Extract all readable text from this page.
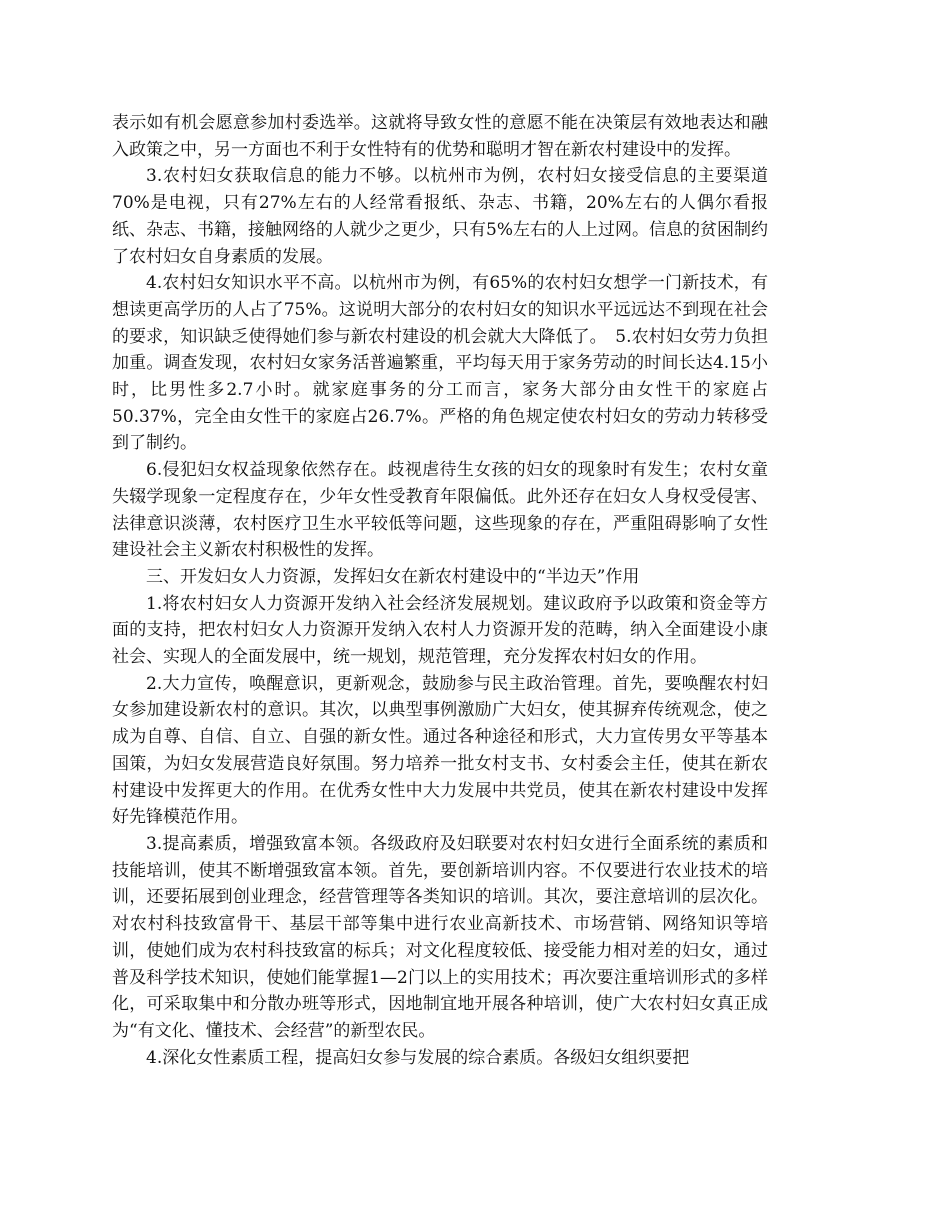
表示如有机会愿意参加村委选举。这就将导致女性的意愿不能在决策层有效地表达和融入政策之中，另一方面也不利于女性特有的优势和聪明才智在新农村建设中的发挥。

3.农村妇女获取信息的能力不够。以杭州市为例，农村妇女接受信息的主要渠道70%是电视，只有27%左右的人经常看报纸、杂志、书籍，20%左右的人偶尔看报纸、杂志、书籍，接触网络的人就少之更少，只有5%左右的人上过网。信息的贫困制约了农村妇女自身素质的发展。

4.农村妇女知识水平不高。以杭州市为例，有65%的农村妇女想学一门新技术，有想读更高学历的人占了75%。这说明大部分的农村妇女的知识水平远远达不到现在社会的要求，知识缺乏使得她们参与新农村建设的机会就大大降低了。　5.农村妇女劳力负担加重。调查发现，农村妇女家务活普遍繁重，平均每天用于家务劳动的时间长达4.15小时，比男性多2.7小时。就家庭事务的分工而言，家务大部分由女性干的家庭占50.37%，完全由女性干的家庭占26.7%。严格的角色规定使农村妇女的劳动力转移受到了制约。

6.侵犯妇女权益现象依然存在。歧视虐待生女孩的妇女的现象时有发生；农村女童失辍学现象一定程度存在，少年女性受教育年限偏低。此外还存在妇女人身权受侵害、法律意识淡薄，农村医疗卫生水平较低等问题，这些现象的存在，严重阻碍影响了女性建设社会主义新农村积极性的发挥。

三、开发妇女人力资源，发挥妇女在新农村建设中的“半边天”作用

1.将农村妇女人力资源开发纳入社会经济发展规划。建议政府予以政策和资金等方面的支持，把农村妇女人力资源开发纳入农村人力资源开发的范畴，纳入全面建设小康社会、实现人的全面发展中，统一规划，规范管理，充分发挥农村妇女的作用。

2.大力宣传，唤醒意识，更新观念，鼓励参与民主政治管理。首先，要唤醒农村妇女参加建设新农村的意识。其次，以典型事例激励广大妇女，使其摒弃传统观念，使之成为自尊、自信、自立、自强的新女性。通过各种途径和形式，大力宣传男女平等基本国策，为妇女发展营造良好氛围。努力培养一批女村支书、女村委会主任，使其在新农村建设中发挥更大的作用。在优秀女性中大力发展中共党员，使其在新农村建设中发挥好先锋模范作用。

3.提高素质，增强致富本领。各级政府及妇联要对农村妇女进行全面系统的素质和技能培训，使其不断增强致富本领。首先，要创新培训内容。不仅要进行农业技术的培训，还要拓展到创业理念，经营管理等各类知识的培训。其次，要注意培训的层次化。对农村科技致富骨干、基层干部等集中进行农业高新技术、市场营销、网络知识等培训，使她们成为农村科技致富的标兵；对文化程度较低、接受能力相对差的妇女，通过普及科学技术知识，使她们能掌握1—2门以上的实用技术；再次要注重培训形式的多样化，可采取集中和分散办班等形式，因地制宜地开展各种培训，使广大农村妇女真正成为“有文化、懂技术、会经营”的新型农民。

4.深化女性素质工程，提高妇女参与发展的综合素质。各级妇女组织要把
